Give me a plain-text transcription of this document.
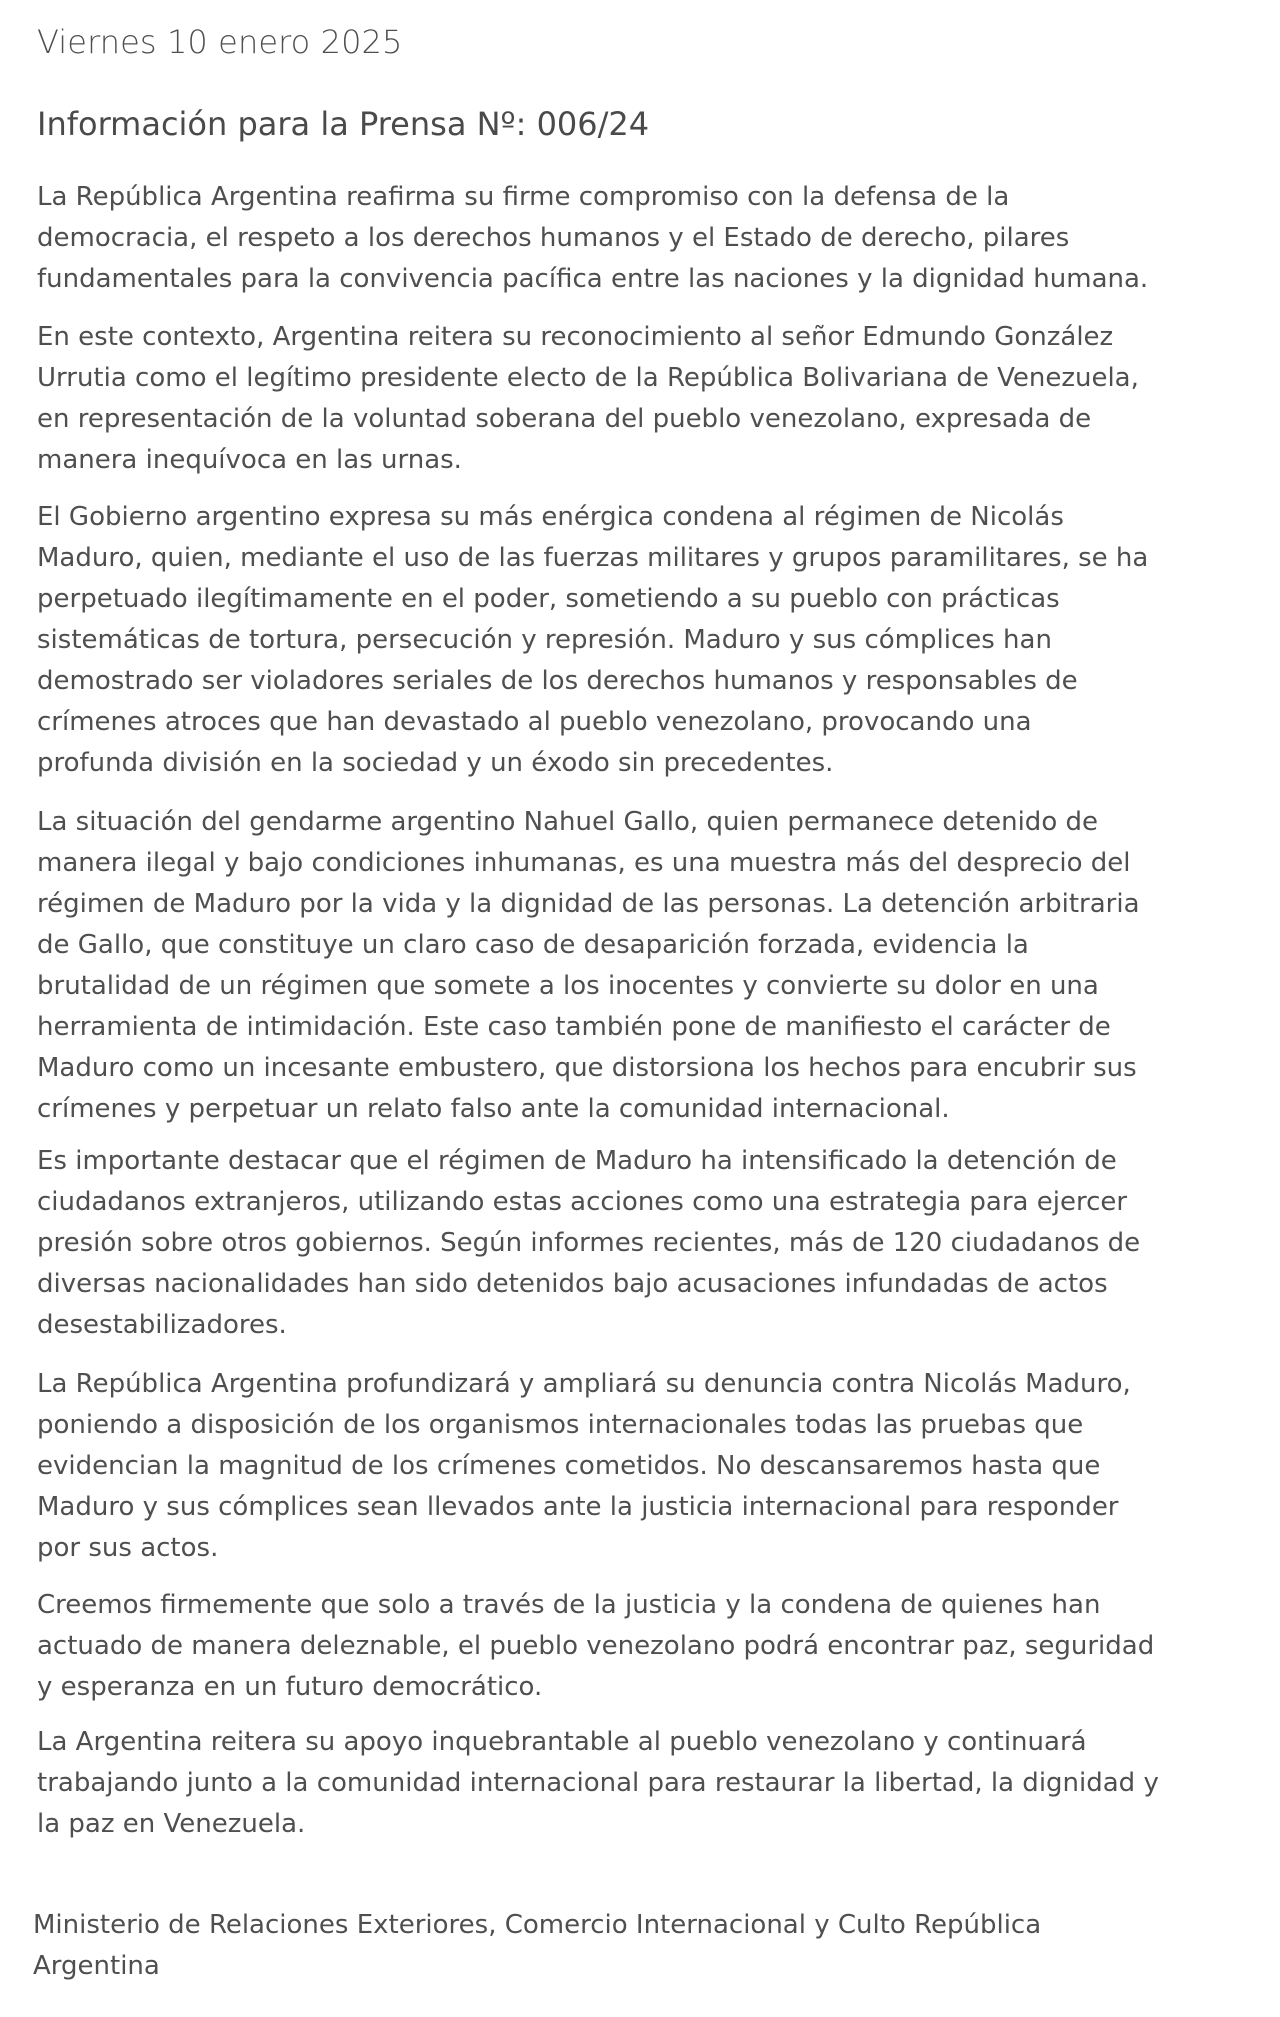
Viernes 10 enero 2025
Información para la Prensa Nº: 006/24

La República Argentina reafirma su firme compromiso con la defensa de la
democracia, el respeto a los derechos humanos y el Estado de derecho, pilares
fundamentales para la convivencia pacífica entre las naciones y la dignidad humana.

En este contexto, Argentina reitera su reconocimiento al señor Edmundo González
Urrutia como el legítimo presidente electo de la República Bolivariana de Venezuela,
en representación de la voluntad soberana del pueblo venezolano, expresada de
manera inequívoca en las urnas.

El Gobierno argentino expresa su más enérgica condena al régimen de Nicolás
Maduro, quien, mediante el uso de las fuerzas militares y grupos paramilitares, se ha
perpetuado ilegítimamente en el poder, sometiendo a su pueblo con prácticas
sistemáticas de tortura, persecución y represión. Maduro y sus cómplices han
demostrado ser violadores seriales de los derechos humanos y responsables de
crímenes atroces que han devastado al pueblo venezolano, provocando una
profunda división en la sociedad y un éxodo sin precedentes.

La situación del gendarme argentino Nahuel Gallo, quien permanece detenido de
manera ilegal y bajo condiciones inhumanas, es una muestra más del desprecio del
régimen de Maduro por la vida y la dignidad de las personas. La detención arbitraria
de Gallo, que constituye un claro caso de desaparición forzada, evidencia la
brutalidad de un régimen que somete a los inocentes y convierte su dolor en una
herramienta de intimidación. Este caso también pone de manifiesto el carácter de
Maduro como un incesante embustero, que distorsiona los hechos para encubrir sus
crímenes y perpetuar un relato falso ante la comunidad internacional.

Es importante destacar que el régimen de Maduro ha intensificado la detención de
ciudadanos extranjeros, utilizando estas acciones como una estrategia para ejercer
presión sobre otros gobiernos. Según informes recientes, más de 120 ciudadanos de
diversas nacionalidades han sido detenidos bajo acusaciones infundadas de actos
desestabilizadores.

La República Argentina profundizará y ampliará su denuncia contra Nicolás Maduro,
poniendo a disposición de los organismos internacionales todas las pruebas que
evidencian la magnitud de los crímenes cometidos. No descansaremos hasta que
Maduro y sus cómplices sean llevados ante la justicia internacional para responder
por sus actos.

Creemos firmemente que solo a través de la justicia y la condena de quienes han
actuado de manera deleznable, el pueblo venezolano podrá encontrar paz, seguridad
y esperanza en un futuro democrático.

La Argentina reitera su apoyo inquebrantable al pueblo venezolano y continuará
trabajando junto a la comunidad internacional para restaurar la libertad, la dignidad y
la paz en Venezuela.

Ministerio de Relaciones Exteriores, Comercio Internacional y Culto República
Argentina
